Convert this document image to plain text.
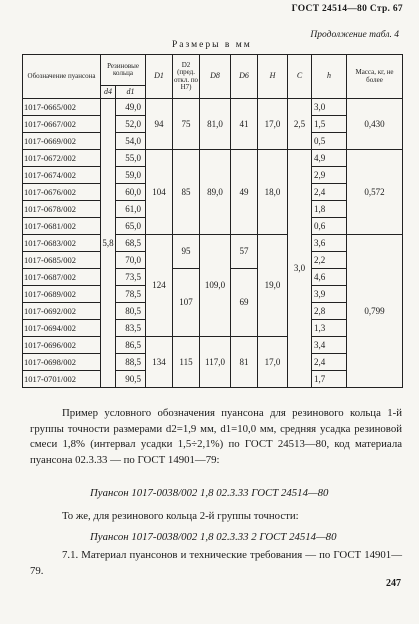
ГОСТ 24514—80 Стр. 67
Продолжение табл. 4
Размеры в мм
Обозначение пуансона	Резиновые кольца		D1	D2 (пред. откл. по H7)	D8	D6	H	C	h	Масса, кг, не более
	d4	d1								
1017-0665/002	5,8	49,0	94	75	81,0	41	17,0	2,5	3,0	0,430
1017-0667/002		52,0							1,5	
1017-0669/002		54,0							0,5	
1017-0672/002		55,0	104	85	89,0	49	18,0	3,0	4,9	0,572
1017-0674/002		59,0							2,9	
1017-0676/002		60,0							2,4	
1017-0678/002		61,0							1,8	
1017-0681/002		65,0							0,6	
1017-0683/002		68,5	124	95	109,0	57	19,0		3,6	0,799
1017-0685/002		70,0							2,2	
1017-0687/002		73,5		107		69			4,6	
1017-0689/002		78,5							3,9	
1017-0692/002		80,5							2,8	
1017-0694/002		83,5							1,3	
1017-0696/002		86,5	134	115	117,0	81	17,0		3,4	
1017-0698/002		88,5							2,4	
1017-0701/002		90,5							1,7	
Пример условного обозначения пуансона для резинового кольца 1-й группы точности размерами d2=1,9 мм, d1=10,0 мм, средняя усадка резиновой смеси 1,8% (интервал усадки 1,5÷2,1%) по ГОСТ 24513—80, код материала пуансона 02.3.33 — по ГОСТ 14901—79:
Пуансон 1017-0038/002 1,8 02.3.33 ГОСТ 24514—80
То же, для резинового кольца 2-й группы точности:
Пуансон 1017-0038/002 1,8 02.3.33 2 ГОСТ 24514—80
7.1. Материал пуансонов и технические требования — по ГОСТ 14901—79.
247
